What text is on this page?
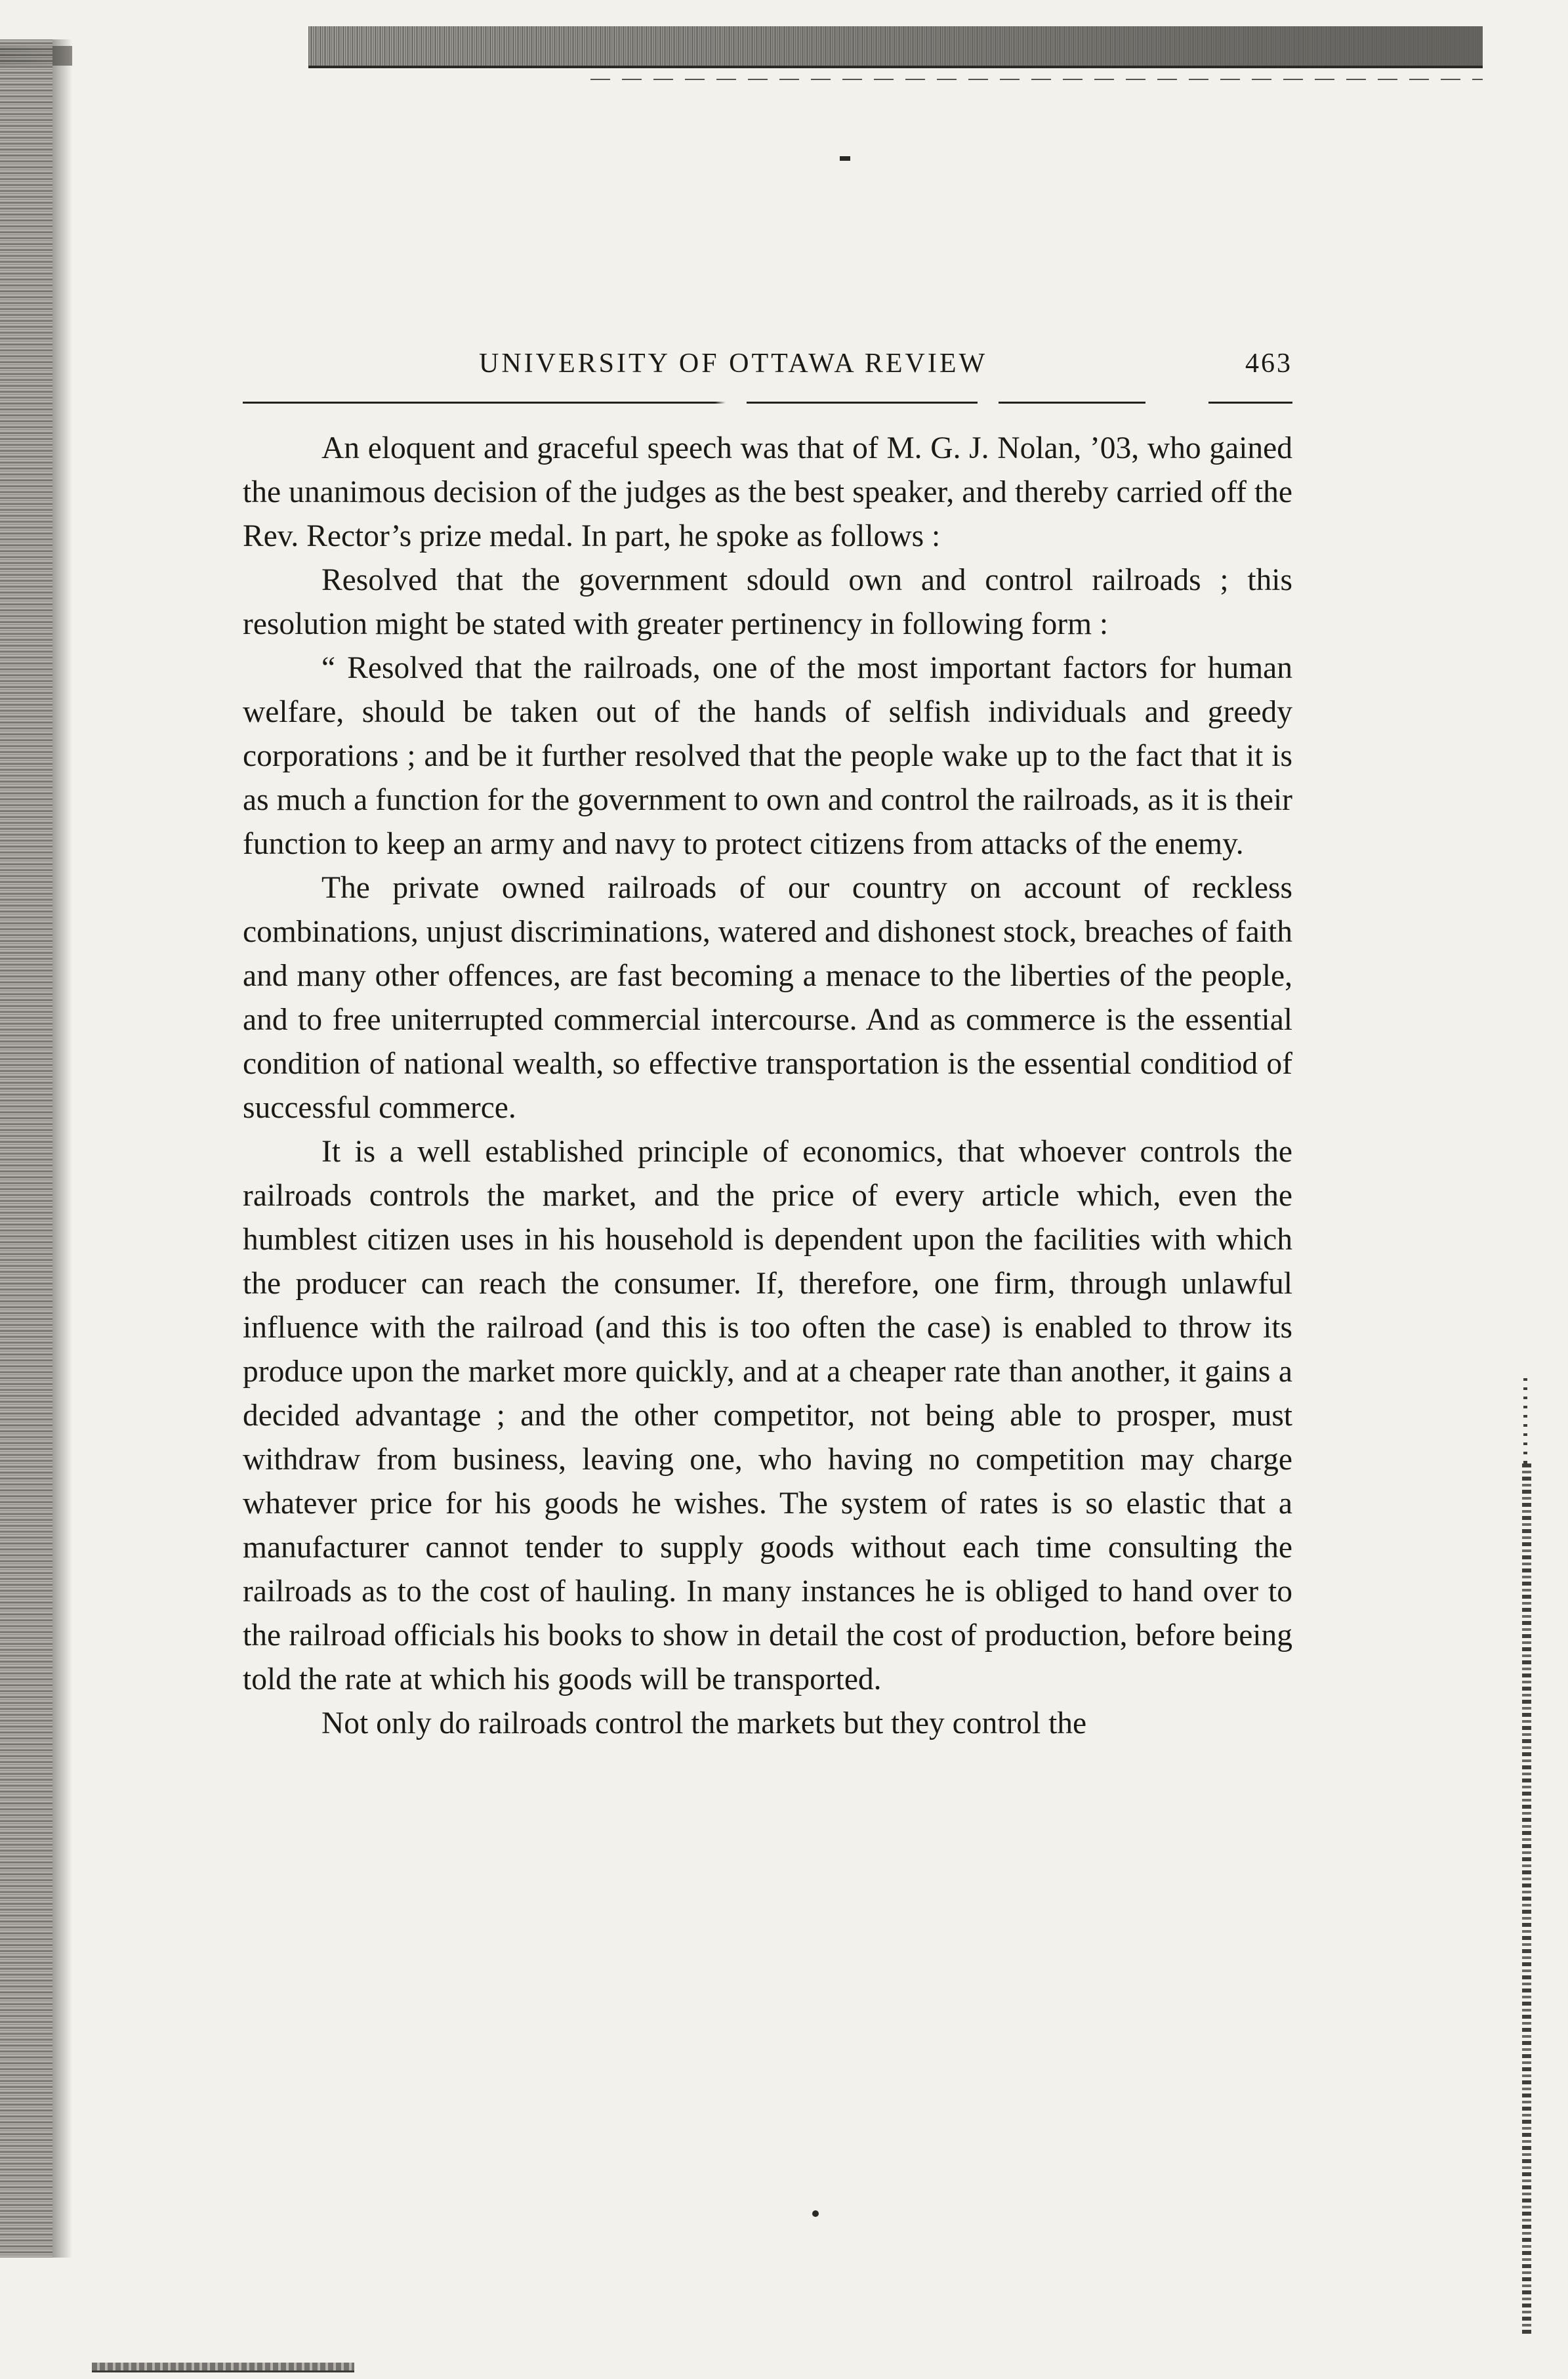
UNIVERSITY OF OTTAWA REVIEW	463

An eloquent and graceful speech was that of M. G. J. Nolan, ’03, who gained the unanimous decision of the judges as the best speaker, and thereby carried off the Rev. Rector’s prize medal. In part, he spoke as follows :

Resolved that the government sdould own and control railroads ; this resolution might be stated with greater pertinency in following form :

“ Resolved that the railroads, one of the most important factors for human welfare, should be taken out of the hands of selfish individuals and greedy corporations ; and be it further resolved that the people wake up to the fact that it is as much a function for the government to own and control the railroads, as it is their function to keep an army and navy to protect citizens from attacks of the enemy.

The private owned railroads of our country on account of reckless combinations, unjust discriminations, watered and dishonest stock, breaches of faith and many other offences, are fast becoming a menace to the liberties of the people, and to free uniterrupted commercial intercourse. And as commerce is the essential condition of national wealth, so effective transportation is the essential conditiod of successful commerce.

It is a well established principle of economics, that whoever controls the railroads controls the market, and the price of every article which, even the humblest citizen uses in his household is dependent upon the facilities with which the producer can reach the consumer. If, therefore, one firm, through unlawful influence with the railroad (and this is too often the case) is enabled to throw its produce upon the market more quickly, and at a cheaper rate than another, it gains a decided advantage ; and the other competitor, not being able to prosper, must withdraw from business, leaving one, who having no competition may charge whatever price for his goods he wishes. The system of rates is so elastic that a manufacturer cannot tender to supply goods without each time consulting the railroads as to the cost of hauling. In many instances he is obliged to hand over to the railroad officials his books to show in detail the cost of production, before being told the rate at which his goods will be transported.

Not only do railroads control the markets but they control the
